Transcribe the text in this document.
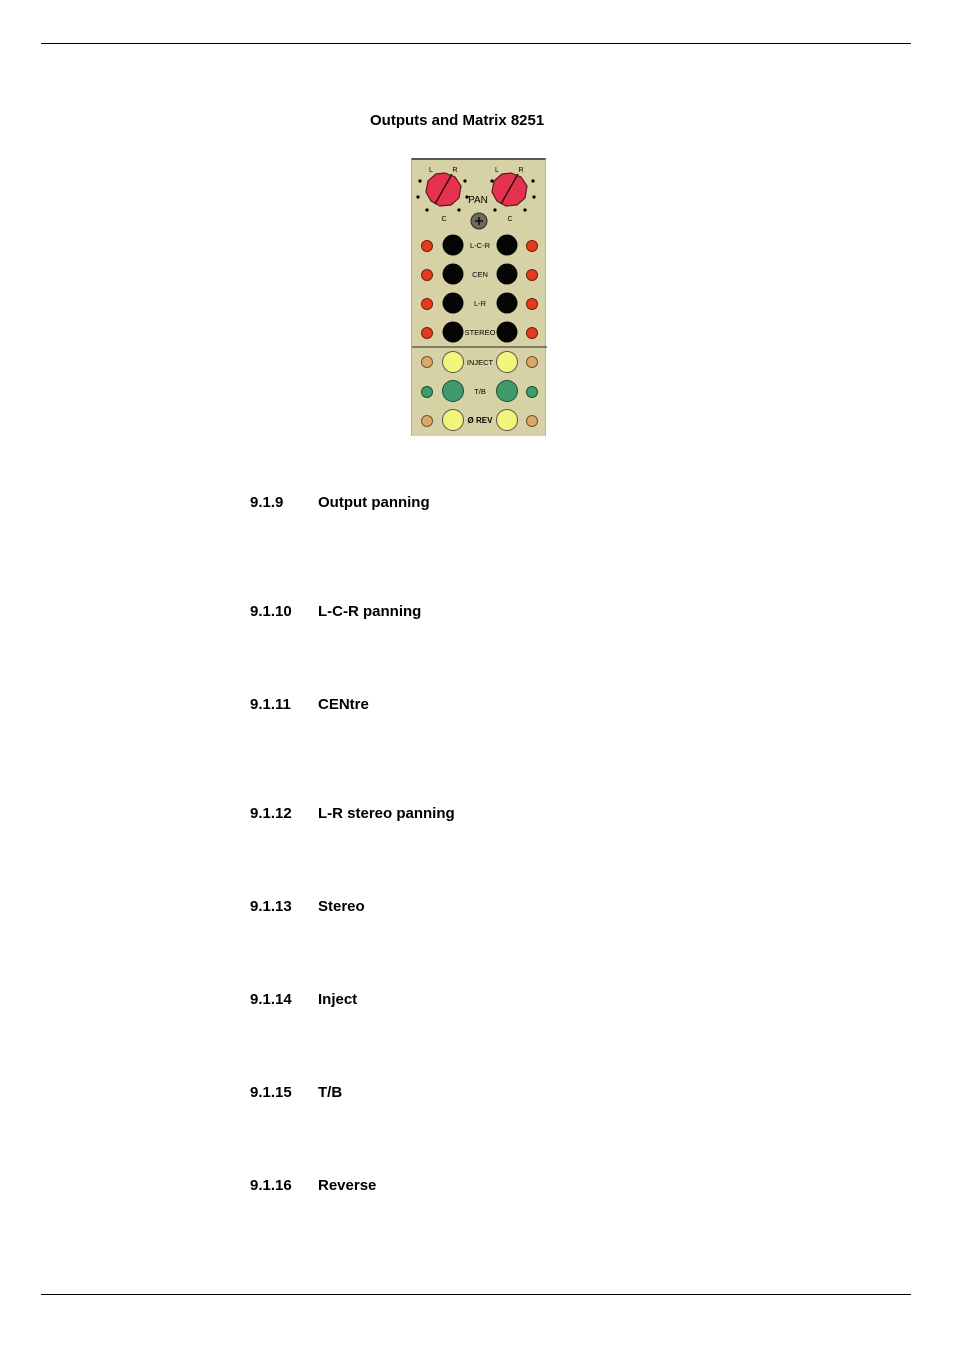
Outputs and Matrix 8251
L	R
C
L	R
C
PAN
L-C-R
CEN
L-R
STEREO
INJECT
T/B
Ø REV
9.1.9 Output panning
9.1.10 L-C-R panning
9.1.11 CENtre
9.1.12 L-R stereo panning
9.1.13 Stereo
9.1.14 Inject
9.1.15 T/B
9.1.16 Reverse
